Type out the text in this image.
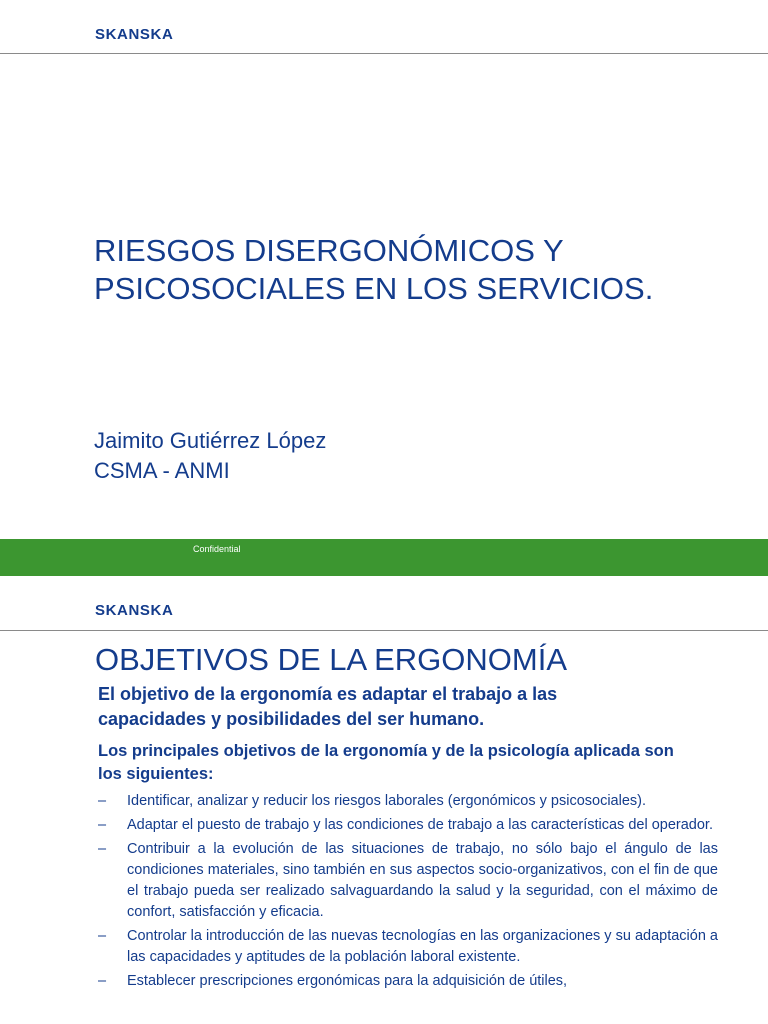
SKANSKA
RIESGOS DISERGONÓMICOS Y
PSICOSOCIALES EN LOS SERVICIOS.
Jaimito Gutiérrez López
CSMA - ANMI
Confidential
SKANSKA
OBJETIVOS DE LA ERGONOMÍA
El objetivo de la ergonomía es adaptar el trabajo a las
capacidades y posibilidades del ser humano.
Los principales objetivos de la ergonomía y de la psicología aplicada son
los siguientes:
– Identificar, analizar y reducir los riesgos laborales (ergonómicos y psicosociales).
– Adaptar el puesto de trabajo y las condiciones de trabajo a las características del operador.
– Contribuir a la evolución de las situaciones de trabajo, no sólo bajo el ángulo de las condiciones materiales, sino también en sus aspectos socio-organizativos, con el fin de que el trabajo pueda ser realizado salvaguardando la salud y la seguridad, con el máximo de confort, satisfacción y eficacia.
– Controlar la introducción de las nuevas tecnologías en las organizaciones y su adaptación a las capacidades y aptitudes de la población laboral existente.
– Establecer prescripciones ergonómicas para la adquisición de útiles,
